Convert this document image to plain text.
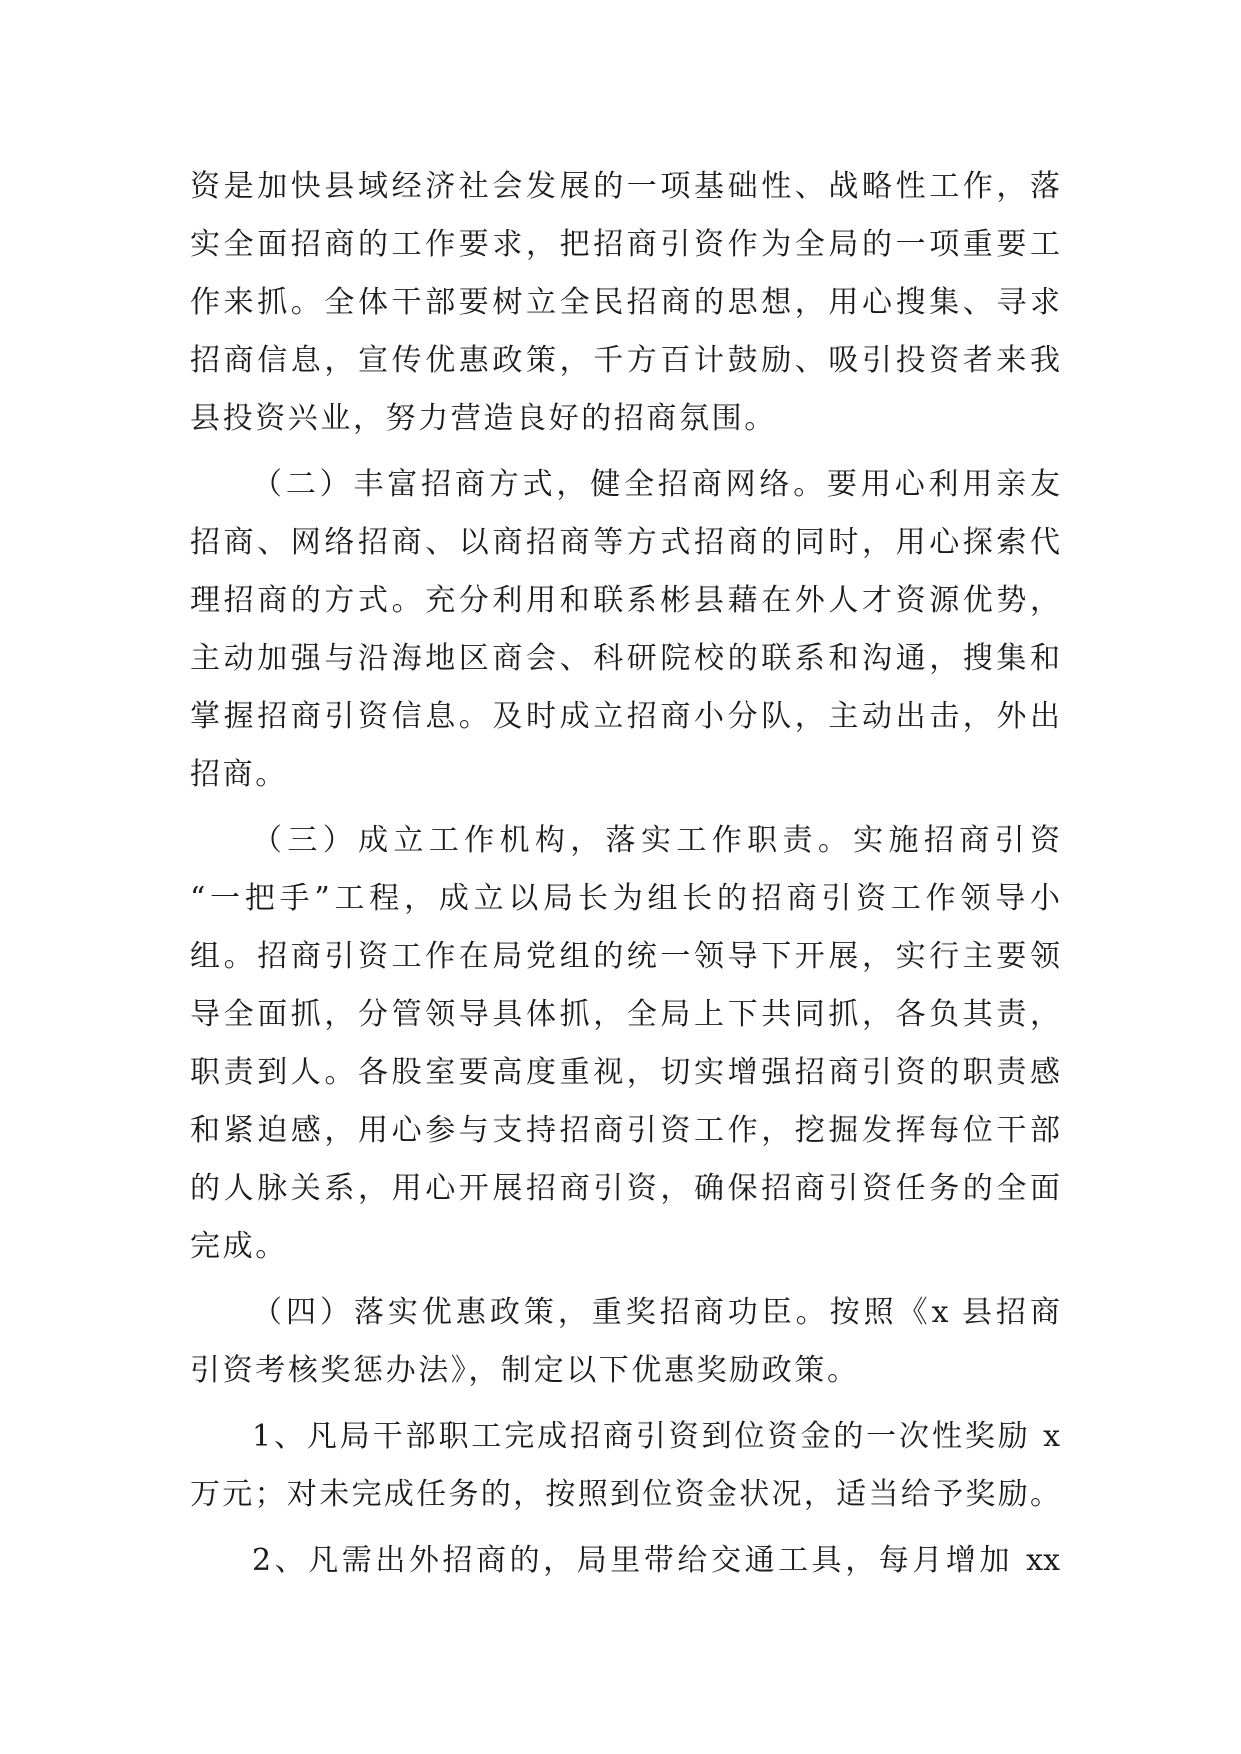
资是加快县域经济社会发展的一项基础性、战略性工作，落
实全面招商的工作要求，把招商引资作为全局的一项重要工
作来抓。全体干部要树立全民招商的思想，用心搜集、寻求
招商信息，宣传优惠政策，千方百计鼓励、吸引投资者来我
县投资兴业，努力营造良好的招商氛围。
（二）丰富招商方式，健全招商网络。要用心利用亲友
招商、网络招商、以商招商等方式招商的同时，用心探索代
理招商的方式。充分利用和联系彬县藉在外人才资源优势，
主动加强与沿海地区商会、科研院校的联系和沟通，搜集和
掌握招商引资信息。及时成立招商小分队，主动出击，外出
招商。
（三）成立工作机构，落实工作职责。实施招商引资
“一把手”工程，成立以局长为组长的招商引资工作领导小
组。招商引资工作在局党组的统一领导下开展，实行主要领
导全面抓，分管领导具体抓，全局上下共同抓，各负其责，
职责到人。各股室要高度重视，切实增强招商引资的职责感
和紧迫感，用心参与支持招商引资工作，挖掘发挥每位干部
的人脉关系，用心开展招商引资，确保招商引资任务的全面
完成。
（四）落实优惠政策，重奖招商功臣。按照《x 县招商
引资考核奖惩办法》，制定以下优惠奖励政策。
1、凡局干部职工完成招商引资到位资金的一次性奖励 x
万元；对未完成任务的，按照到位资金状况，适当给予奖励。
2、凡需出外招商的，局里带给交通工具，每月增加 xx
